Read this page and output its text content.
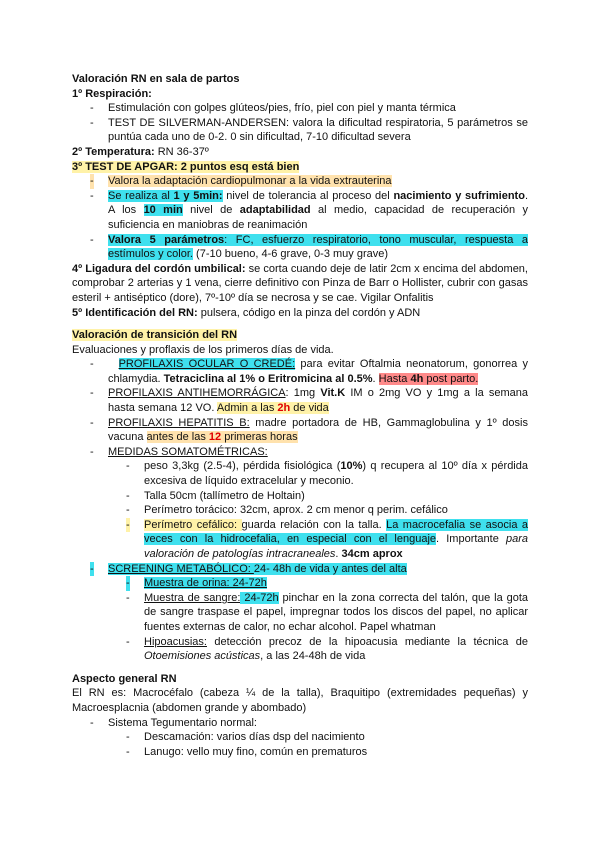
Valoración RN en sala de partos
1º Respiración:
- Estimulación con golpes glúteos/pies, frío, piel con piel y manta térmica
- TEST DE SILVERMAN-ANDERSEN: valora la dificultad respiratoria, 5 parámetros se puntúa cada uno de 0-2. 0 sin dificultad, 7-10 dificultad severa
2º Temperatura: RN 36-37º
3º TEST DE APGAR: 2 puntos esq está bien
- Valora la adaptación cardiopulmonar a la vida extrauterina
- Se realiza al 1 y 5min: nivel de tolerancia al proceso del nacimiento y sufrimiento. A los 10 min nivel de adaptabilidad al medio, capacidad de recuperación y suficiencia en maniobras de reanimación
- Valora 5 parámetros: FC, esfuerzo respiratorio, tono muscular, respuesta a estímulos y color. (7-10 bueno, 4-6 grave, 0-3 muy grave)
4º Ligadura del cordón umbilical: se corta cuando deje de latir 2cm x encima del abdomen, comprobar 2 arterias y 1 vena, cierre definitivo con Pinza de Barr o Hollister, cubrir con gasas esteril + antiséptico (dore), 7º-10º día se necrosa y se cae. Vigilar Onfalitis
5º Identificación del RN: pulsera, código en la pinza del cordón y ADN
Valoración de transición del RN
Evaluaciones y proflaxis de los primeros días de vida.
- PROFILAXIS OCULAR O CREDÉ: para evitar Oftalmia neonatorum, gonorrea y chlamydia. Tetraciclina al 1% o Eritromicina al 0.5%. Hasta 4h post parto.
- PROFILAXIS ANTIHEMORRÁGICA: 1mg Vit.K IM o 2mg VO y 1mg a la semana hasta semana 12 VO. Admin a las 2h de vida
- PROFILAXIS HEPATITIS B: madre portadora de HB, Gammaglobulina y 1º dosis vacuna antes de las 12 primeras horas
- MEDIDAS SOMATOMÉTRICAS:
- peso 3,3kg (2.5-4), pérdida fisiológica (10%) q recupera al 10º día x pérdida excesiva de líquido extracelular y meconio.
- Talla 50cm (tallímetro de Holtain)
- Perímetro torácico: 32cm, aprox. 2 cm menor q perim. cefálico
- Perímetro cefálico: guarda relación con la talla. La macrocefalia se asocia a veces con la hidrocefalia, en especial con el lenguaje. Importante para valoración de patologías intracraneales. 34cm aprox
- SCREENING METABÓLICO: 24- 48h de vida y antes del alta
- Muestra de orina: 24-72h
- Muestra de sangre: 24-72h pinchar en la zona correcta del talón, que la gota de sangre traspase el papel, impregnar todos los discos del papel, no aplicar fuentes externas de calor, no echar alcohol. Papel whatman
- Hipoacusias: detección precoz de la hipoacusia mediante la técnica de Otoemisiones acústicas, a las 24-48h de vida
Aspecto general RN
El RN es: Macrocéfalo (cabeza ¼ de la talla), Braquitipo (extremidades pequeñas) y Macroesplacnia (abdomen grande y abombado)
- Sistema Tegumentario normal:
- Descamación: varios días dsp del nacimiento
- Lanugo: vello muy fino, común en prematuros
